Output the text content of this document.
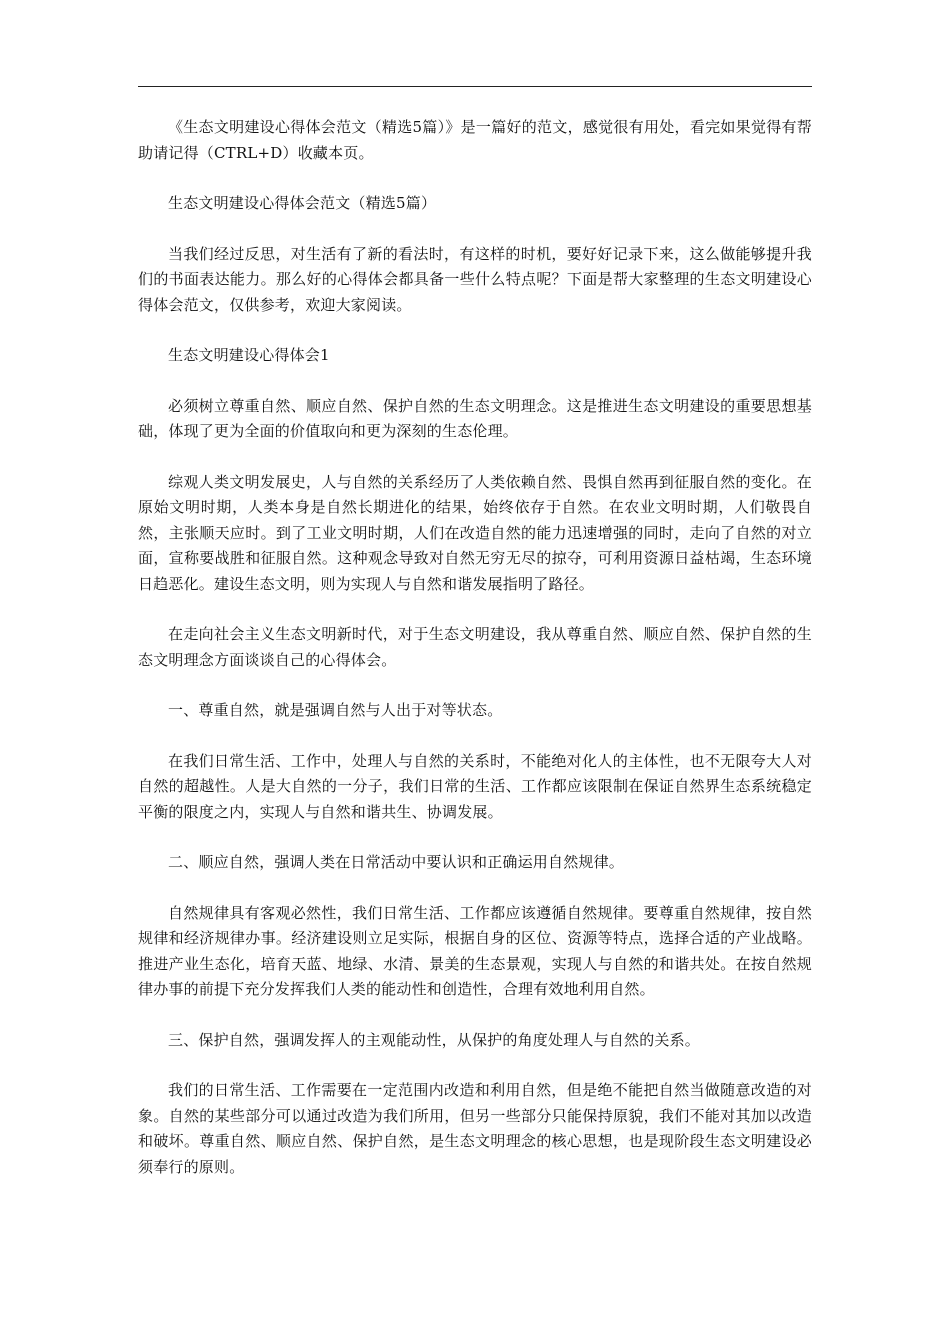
《生态文明建设心得体会范文（精选5篇）》是一篇好的范文，感觉很有用处，看完如果觉得有帮助请记得（CTRL+D）收藏本页。

生态文明建设心得体会范文（精选5篇）

当我们经过反思，对生活有了新的看法时，有这样的时机，要好好记录下来，这么做能够提升我们的书面表达能力。那么好的心得体会都具备一些什么特点呢？下面是帮大家整理的生态文明建设心得体会范文，仅供参考，欢迎大家阅读。

生态文明建设心得体会1

必须树立尊重自然、顺应自然、保护自然的生态文明理念。这是推进生态文明建设的重要思想基础，体现了更为全面的价值取向和更为深刻的生态伦理。

综观人类文明发展史，人与自然的关系经历了人类依赖自然、畏惧自然再到征服自然的变化。在原始文明时期，人类本身是自然长期进化的结果，始终依存于自然。在农业文明时期，人们敬畏自然，主张顺天应时。到了工业文明时期，人们在改造自然的能力迅速增强的同时，走向了自然的对立面，宣称要战胜和征服自然。这种观念导致对自然无穷无尽的掠夺，可利用资源日益枯竭，生态环境日趋恶化。建设生态文明，则为实现人与自然和谐发展指明了路径。

在走向社会主义生态文明新时代，对于生态文明建设，我从尊重自然、顺应自然、保护自然的生态文明理念方面谈谈自己的心得体会。

一、尊重自然，就是强调自然与人出于对等状态。

在我们日常生活、工作中，处理人与自然的关系时，不能绝对化人的主体性，也不无限夸大人对自然的超越性。人是大自然的一分子，我们日常的生活、工作都应该限制在保证自然界生态系统稳定平衡的限度之内，实现人与自然和谐共生、协调发展。

二、顺应自然，强调人类在日常活动中要认识和正确运用自然规律。

自然规律具有客观必然性，我们日常生活、工作都应该遵循自然规律。要尊重自然规律，按自然规律和经济规律办事。经济建设则立足实际，根据自身的区位、资源等特点，选择合适的产业战略。推进产业生态化，培育天蓝、地绿、水清、景美的生态景观，实现人与自然的和谐共处。在按自然规律办事的前提下充分发挥我们人类的能动性和创造性，合理有效地利用自然。

三、保护自然，强调发挥人的主观能动性，从保护的角度处理人与自然的关系。

我们的日常生活、工作需要在一定范围内改造和利用自然，但是绝不能把自然当做随意改造的对象。自然的某些部分可以通过改造为我们所用，但另一些部分只能保持原貌，我们不能对其加以改造和破坏。尊重自然、顺应自然、保护自然，是生态文明理念的核心思想，也是现阶段生态文明建设必须奉行的原则。
